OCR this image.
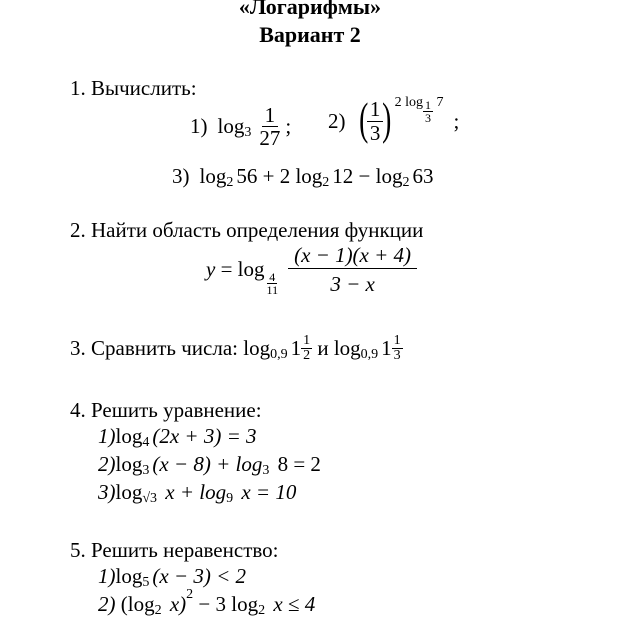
«Логарифмы»
Вариант 2
1. Вычислить:
1) $\log 3 \frac{1}{27}$ ; 2) ( $\frac{1}{3}$ ) 2
$\log \frac{1}{3}$
7
;
3) log 2 56
+
2
log 2 12
−
log 2 63
2. Найти область определения функции
y
=
log
$\frac{4}{11} \frac{(x - 1)(x + 4)}{3 - x}$
3.
Сравнить числа:
log 0,9 $1 \frac{1}{2}$
и
log 0,9 $1 \frac{1}{3}$
4. Решить уравнение:
1) log 4 (2x + 3) = 3
2) log 3 (x − 8) + log 3 8 = 2
3) log √3 x + log 9 x = 10
5. Решить неравенство:
1) log 5 (x − 3) < 2
2)
(log 2 x) 2 − 3 log 2 x ≤ 4
